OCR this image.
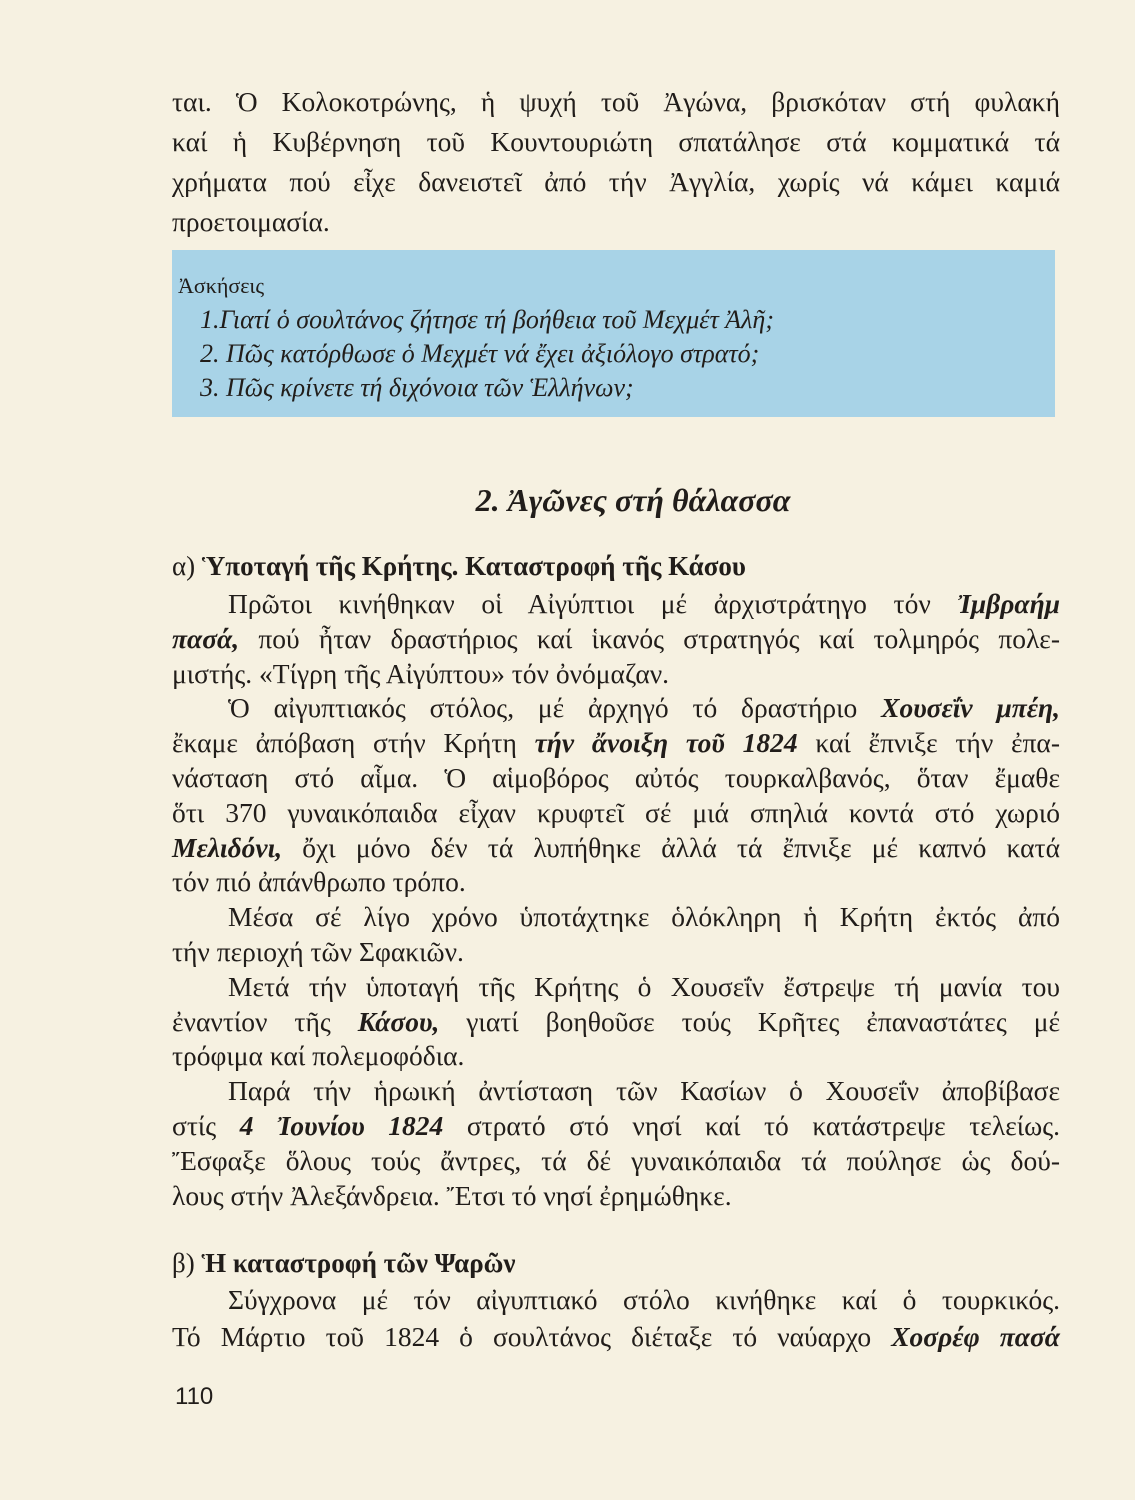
ται. Ὁ Κολοκοτρώνης, ἡ ψυχή τοῦ Ἀγώνα, βρισκόταν στή φυλακή
καί ἡ Κυβέρνηση τοῦ Κουντουριώτη σπατάλησε στά κομματικά τά
χρήματα πού εἶχε δανειστεῖ ἀπό τήν Ἀγγλία, χωρίς νά κάμει καμιά
προετοιμασία.
Ἀσκήσεις
1.Γιατί ὁ σουλτάνος ζήτησε τή βοήθεια τοῦ Μεχμέτ Ἀλῆ;
2. Πῶς κατόρθωσε ὁ Μεχμέτ νά ἔχει ἀξιόλογο στρατό;
3. Πῶς κρίνετε τή διχόνοια τῶν Ἑλλήνων;
2. Ἀγῶνες στή θάλασσα
α) Ὑποταγή τῆς Κρήτης. Καταστροφή τῆς Κάσου
Πρῶτοι κινήθηκαν οἱ Αἰγύπτιοι μέ ἀρχιστράτηγο τόν Ἰμβραήμ
πασά, πού ἦταν δραστήριος καί ἱκανός στρατηγός καί τολμηρός πολε-
μιστής. «Τίγρη τῆς Αἰγύπτου» τόν ὀνόμαζαν.
Ὁ αἰγυπτιακός στόλος, μέ ἀρχηγό τό δραστήριο Χουσεΐν μπέη,
ἔκαμε ἀπόβαση στήν Κρήτη τήν ἄνοιξη τοῦ 1824 καί ἔπνιξε τήν ἐπα-
νάσταση στό αἷμα. Ὁ αἱμοβόρος αὐτός τουρκαλβανός, ὅταν ἔμαθε
ὅτι 370 γυναικόπαιδα εἶχαν κρυφτεῖ σέ μιά σπηλιά κοντά στό χωριό
Μελιδόνι, ὄχι μόνο δέν τά λυπήθηκε ἀλλά τά ἔπνιξε μέ καπνό κατά
τόν πιό ἀπάνθρωπο τρόπο.
Μέσα σέ λίγο χρόνο ὑποτάχτηκε ὁλόκληρη ἡ Κρήτη ἐκτός ἀπό
τήν περιοχή τῶν Σφακιῶν.
Μετά τήν ὑποταγή τῆς Κρήτης ὁ Χουσεΐν ἔστρεψε τή μανία του
ἐναντίον τῆς Κάσου, γιατί βοηθοῦσε τούς Κρῆτες ἐπαναστάτες μέ
τρόφιμα καί πολεμοφόδια.
Παρά τήν ἡρωική ἀντίσταση τῶν Κασίων ὁ Χουσεΐν ἀποβίβασε
στίς 4 Ἰουνίου 1824 στρατό στό νησί καί τό κατάστρεψε τελείως.
Ἔσφαξε ὅλους τούς ἄντρες, τά δέ γυναικόπαιδα τά πούλησε ὡς δού-
λους στήν Ἀλεξάνδρεια. Ἔτσι τό νησί ἐρημώθηκε.
β) Ἡ καταστροφή τῶν Ψαρῶν
Σύγχρονα μέ τόν αἰγυπτιακό στόλο κινήθηκε καί ὁ τουρκικός.
Τό Μάρτιο τοῦ 1824 ὁ σουλτάνος διέταξε τό ναύαρχο Χοσρέφ πασά
110
